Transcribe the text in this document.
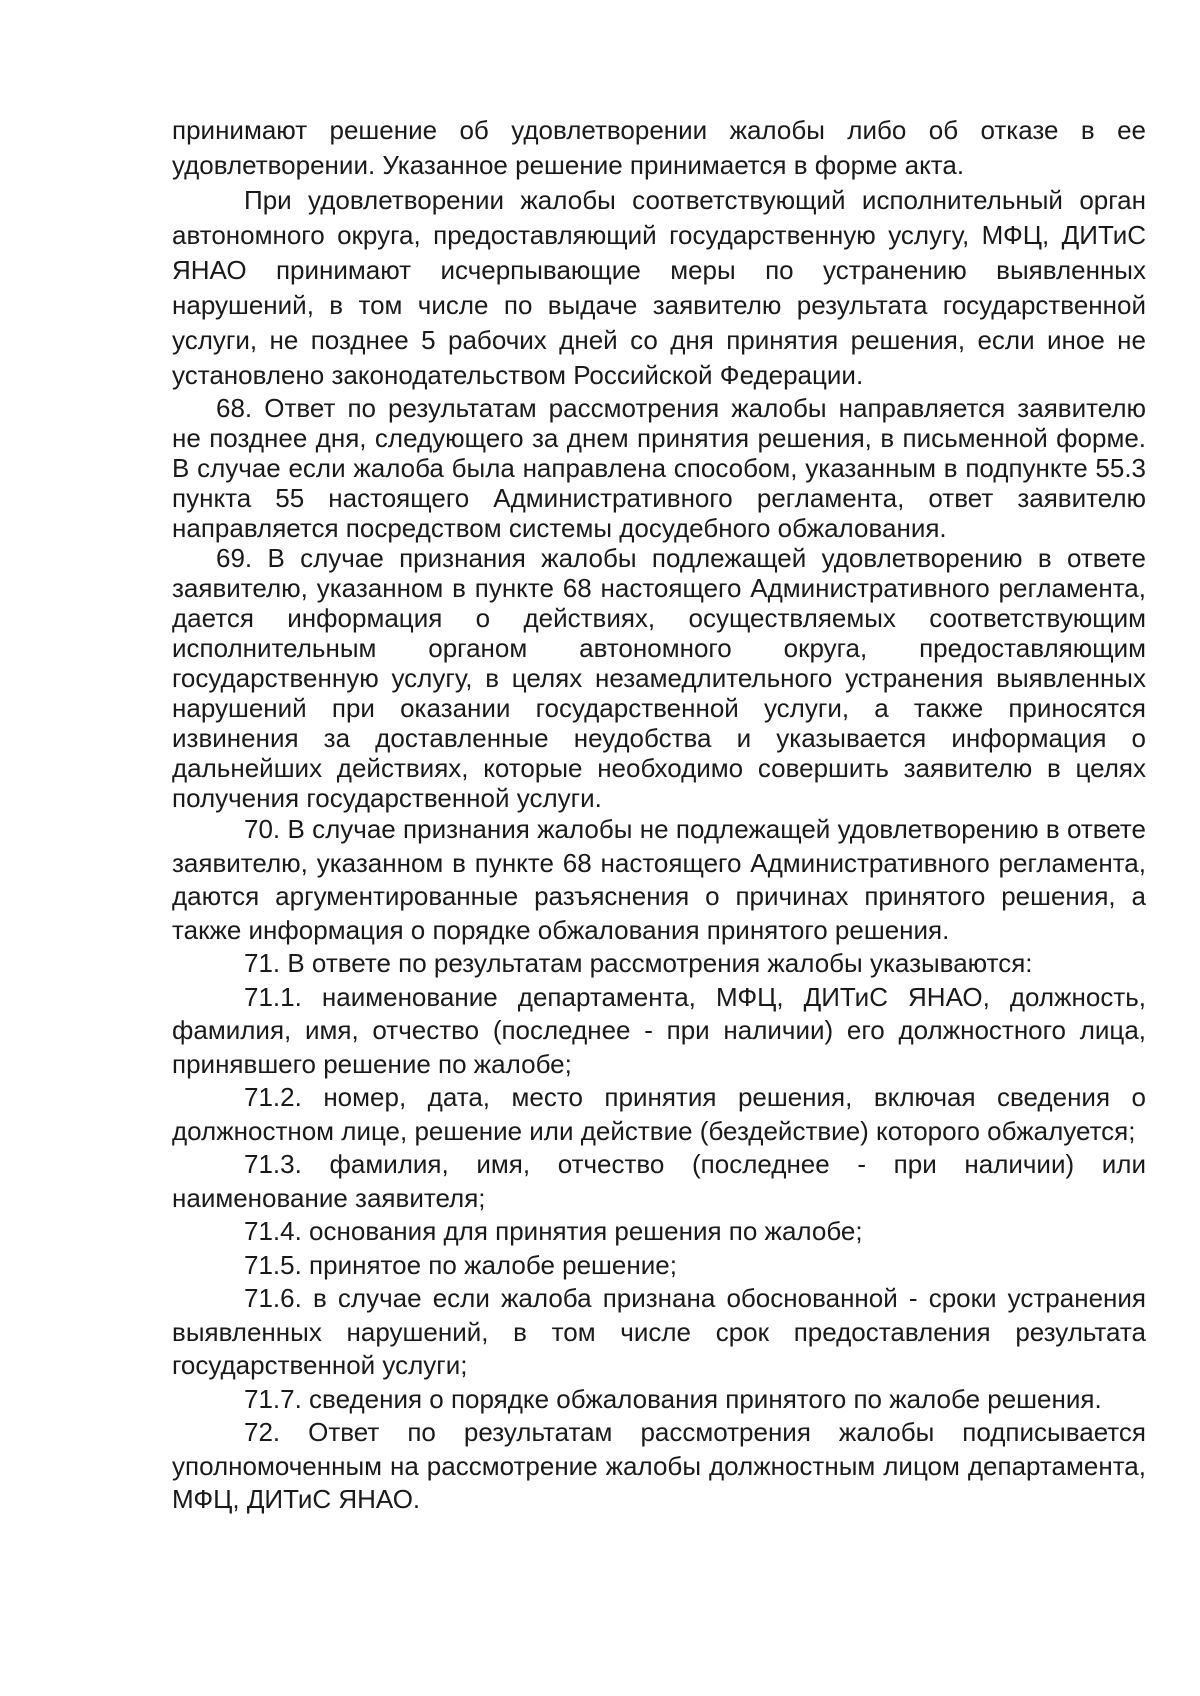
принимают решение об удовлетворении жалобы либо об отказе в ее удовлетворении. Указанное решение принимается в форме акта.

При удовлетворении жалобы соответствующий исполнительный орган автономного округа, предоставляющий государственную услугу, МФЦ, ДИТиС ЯНАО принимают исчерпывающие меры по устранению выявленных нарушений, в том числе по выдаче заявителю результата государственной услуги, не позднее 5 рабочих дней со дня принятия решения, если иное не установлено законодательством Российской Федерации.

68. Ответ по результатам рассмотрения жалобы направляется заявителю не позднее дня, следующего за днем принятия решения, в письменной форме. В случае если жалоба была направлена способом, указанным в подпункте 55.3 пункта 55 настоящего Административного регламента, ответ заявителю направляется посредством системы досудебного обжалования.

69. В случае признания жалобы подлежащей удовлетворению в ответе заявителю, указанном в пункте 68 настоящего Административного регламента, дается информация о действиях, осуществляемых соответствующим исполнительным органом автономного округа, предоставляющим государственную услугу, в целях незамедлительного устранения выявленных нарушений при оказании государственной услуги, а также приносятся извинения за доставленные неудобства и указывается информация о дальнейших действиях, которые необходимо совершить заявителю в целях получения государственной услуги.

70. В случае признания жалобы не подлежащей удовлетворению в ответе заявителю, указанном в пункте 68 настоящего Административного регламента, даются аргументированные разъяснения о причинах принятого решения, а также информация о порядке обжалования принятого решения.

71. В ответе по результатам рассмотрения жалобы указываются:

71.1. наименование департамента, МФЦ, ДИТиС ЯНАО, должность, фамилия, имя, отчество (последнее - при наличии) его должностного лица, принявшего решение по жалобе;

71.2. номер, дата, место принятия решения, включая сведения о должностном лице, решение или действие (бездействие) которого обжалуется;

71.3. фамилия, имя, отчество (последнее - при наличии) или наименование заявителя;

71.4. основания для принятия решения по жалобе;

71.5. принятое по жалобе решение;

71.6. в случае если жалоба признана обоснованной - сроки устранения выявленных нарушений, в том числе срок предоставления результата государственной услуги;

71.7. сведения о порядке обжалования принятого по жалобе решения.

72. Ответ по результатам рассмотрения жалобы подписывается уполномоченным на рассмотрение жалобы должностным лицом департамента, МФЦ, ДИТиС ЯНАО.
